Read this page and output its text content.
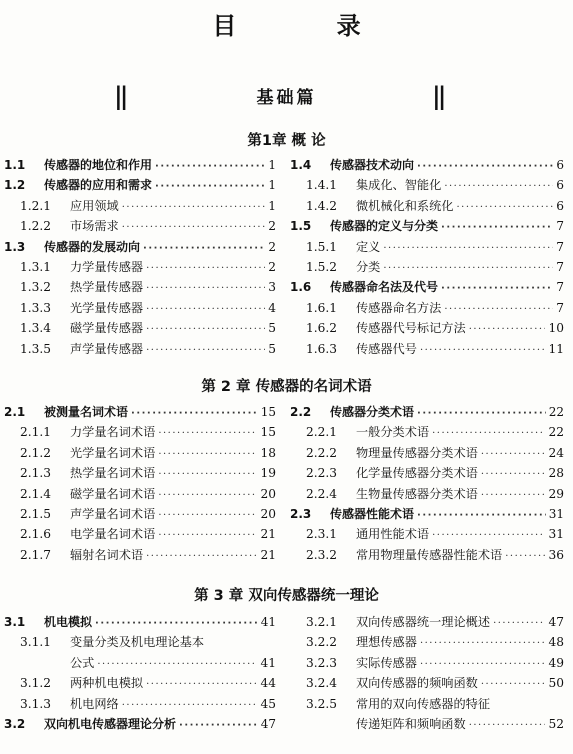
目 录
||	基础篇	||
第1章 概 论
1.1	传感器的地位和作用 ·····	1
1.2	传感器的应用和需求 ·····	1
1.2.1	应用领域 ·····	1
1.2.2	市场需求 ·····	2
1.3	传感器的发展动向 ·····	2
1.3.1	力学量传感器 ·····	2
1.3.2	热学量传感器 ·····	3
1.3.3	光学量传感器 ·····	4
1.3.4	磁学量传感器 ·····	5
1.3.5	声学量传感器 ·····	5
1.4	传感器技术动向 ·····	6
1.4.1	集成化、智能化 ·····	6
1.4.2	微机械化和系统化 ·····	6
1.5	传感器的定义与分类 ·····	7
1.5.1	定义 ·····	7
1.5.2	分类 ·····	7
1.6	传感器命名法及代号 ·····	7
1.6.1	传感器命名方法 ·····	7
1.6.2	传感器代号标记方法 ·····	10
1.6.3	传感器代号 ·····	11
第 2 章 传感器的名词术语
2.1	被测量名词术语 ·····	15
2.1.1	力学量名词术语 ·····	15
2.1.2	光学量名词术语 ·····	18
2.1.3	热学量名词术语 ·····	19
2.1.4	磁学量名词术语 ·····	20
2.1.5	声学量名词术语 ·····	20
2.1.6	电学量名词术语 ·····	21
2.1.7	辐射名词术语 ·····	21
2.2	传感器分类术语 ·····	22
2.2.1	一般分类术语 ·····	22
2.2.2	物理量传感器分类术语 ·····	24
2.2.3	化学量传感器分类术语 ·····	28
2.2.4	生物量传感器分类术语 ·····	29
2.3	传感器性能术语 ·····	31
2.3.1	通用性能术语 ·····	31
2.3.2	常用物理量传感器性能术语 ·····	36
第 3 章 双向传感器统一理论
3.1	机电模拟 ·····	41
3.1.1	变量分类及机电理论基本
公式 ·····	41
3.1.2	两种机电模拟 ·····	44
3.1.3	机电网络 ·····	45
3.2	双向机电传感器理论分析 ·····	47
3.2.1	双向传感器统一理论概述 ·····	47
3.2.2	理想传感器 ·····	48
3.2.3	实际传感器 ·····	49
3.2.4	双向传感器的频响函数 ·····	50
3.2.5	常用的双向传感器的特征
传递矩阵和频响函数 ·····	52
